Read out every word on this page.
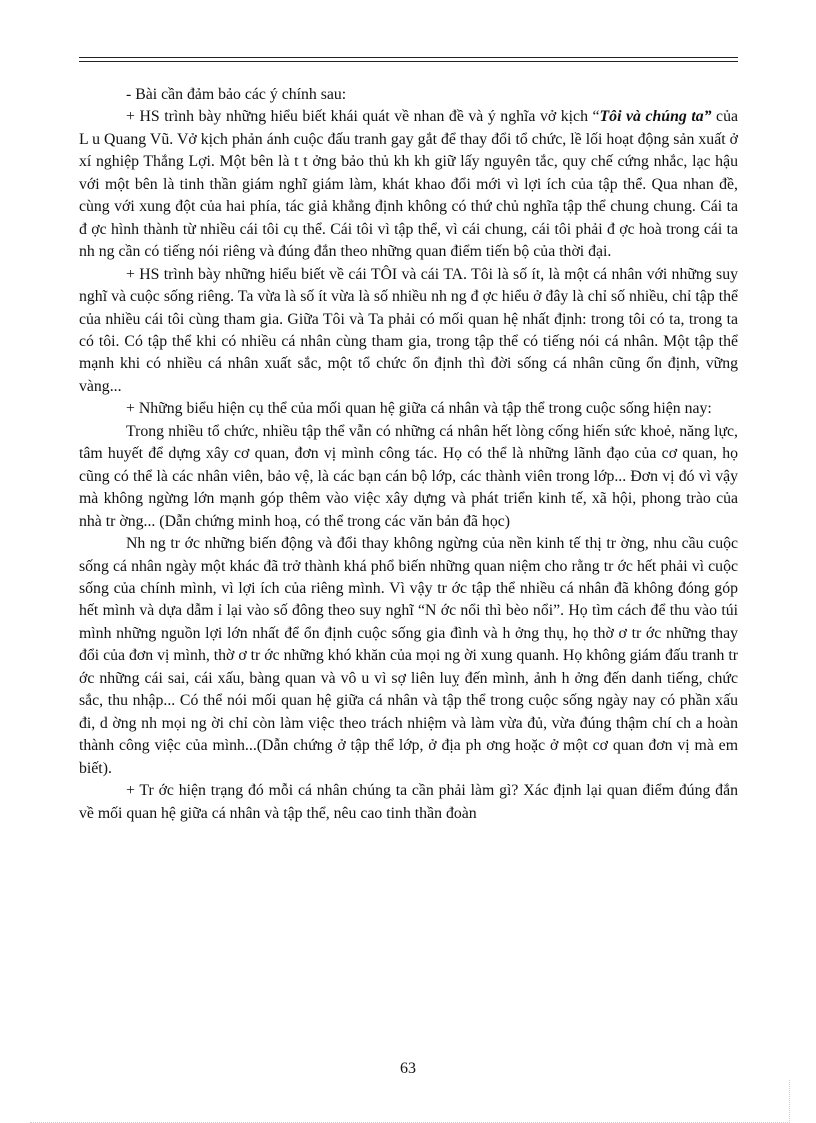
- Bài cần đảm bảo các ý chính sau:

+ HS trình bày những hiểu biết khái quát về nhan đề và ý nghĩa vở kịch “Tôi và chúng ta” của L u Quang Vũ. Vở kịch phản ánh cuộc đấu tranh gay gắt để thay đổi tổ chức, lề lối hoạt động sản xuất ở xí nghiệp Thắng Lợi. Một bên là t t ởng bảo thủ kh kh giữ lấy nguyên tắc, quy chế cứng nhắc, lạc hậu với một bên là tinh thần giám nghĩ giám làm, khát khao đổi mới vì lợi ích của tập thể. Qua nhan đề, cùng với xung đột của hai phía, tác giả khẳng định không có thứ chủ nghĩa tập thể chung chung. Cái ta đ ợc hình thành từ nhiều cái tôi cụ thể. Cái tôi vì tập thể, vì cái chung, cái tôi phải đ ợc hoà trong cái ta nh ng cần có tiếng nói riêng và đúng đắn theo những quan điểm tiến bộ của thời đại.

+ HS trình bày những hiểu biết về cái TÔI và cái TA. Tôi là số ít, là một cá nhân với những suy nghĩ và cuộc sống riêng. Ta vừa là số ít vừa là số nhiều nh ng đ ợc hiểu ở đây là chỉ số nhiều, chỉ tập thể của nhiều cái tôi cùng tham gia. Giữa Tôi và Ta phải có mối quan hệ nhất định: trong tôi có ta, trong ta có tôi. Có tập thể khi có nhiều cá nhân cùng tham gia, trong tập thể có tiếng nói cá nhân. Một tập thể mạnh khi có nhiều cá nhân xuất sắc, một tổ chức ổn định thì đời sống cá nhân cũng ổn định, vững vàng...

+ Những biểu hiện cụ thể của mối quan hệ giữa cá nhân và tập thể trong cuộc sống hiện nay:

Trong nhiều tổ chức, nhiều tập thể vẫn có những cá nhân hết lòng cống hiến sức khoẻ, năng lực, tâm huyết để dựng xây cơ quan, đơn vị mình công tác. Họ có thể là những lãnh đạo của cơ quan, họ cũng có thể là các nhân viên, bảo vệ, là các bạn cán bộ lớp, các thành viên trong lớp... Đơn vị đó vì vậy mà không ngừng lớn mạnh góp thêm vào việc xây dựng và phát triển kinh tế, xã hội, phong trào của nhà tr ờng... (Dẫn chứng minh hoạ, có thể trong các văn bản đã học)

Nh ng tr ớc những biến động và đổi thay không ngừng của nền kinh tế thị tr ờng, nhu cầu cuộc sống cá nhân ngày một khác đã trở thành khá phổ biến những quan niệm cho rằng tr ớc hết phải vì cuộc sống của chính mình, vì lợi ích của riêng mình. Vì vậy tr ớc tập thể nhiều cá nhân đã không đóng góp hết mình và dựa dẫm ỉ lại vào số đông theo suy nghĩ “N ớc nổi thì bèo nổi”. Họ tìm cách để thu vào túi mình những nguồn lợi lớn nhất để ổn định cuộc sống gia đình và h ởng thụ, họ thờ ơ tr ớc những thay đổi của đơn vị mình, thờ ơ tr ớc những khó khăn của mọi ng ời xung quanh. Họ không giám đấu tranh tr ớc những cái sai, cái xấu, bàng quan và vô u vì sợ liên luỵ đến mình, ảnh h ởng đến danh tiếng, chức sắc, thu nhập... Có thể nói mối quan hệ giữa cá nhân và tập thể trong cuộc sống ngày nay có phần xấu đi, d ờng nh mọi ng ời chỉ còn làm việc theo trách nhiệm và làm vừa đủ, vừa đúng thậm chí ch a hoàn thành công việc của mình...(Dẫn chứng ở tập thể lớp, ở địa ph ơng hoặc ở một cơ quan đơn vị mà em biết).

+ Tr ớc hiện trạng đó mỗi cá nhân chúng ta cần phải làm gì? Xác định lại quan điểm đúng đắn về mối quan hệ giữa cá nhân và tập thể, nêu cao tinh thần đoàn

63
